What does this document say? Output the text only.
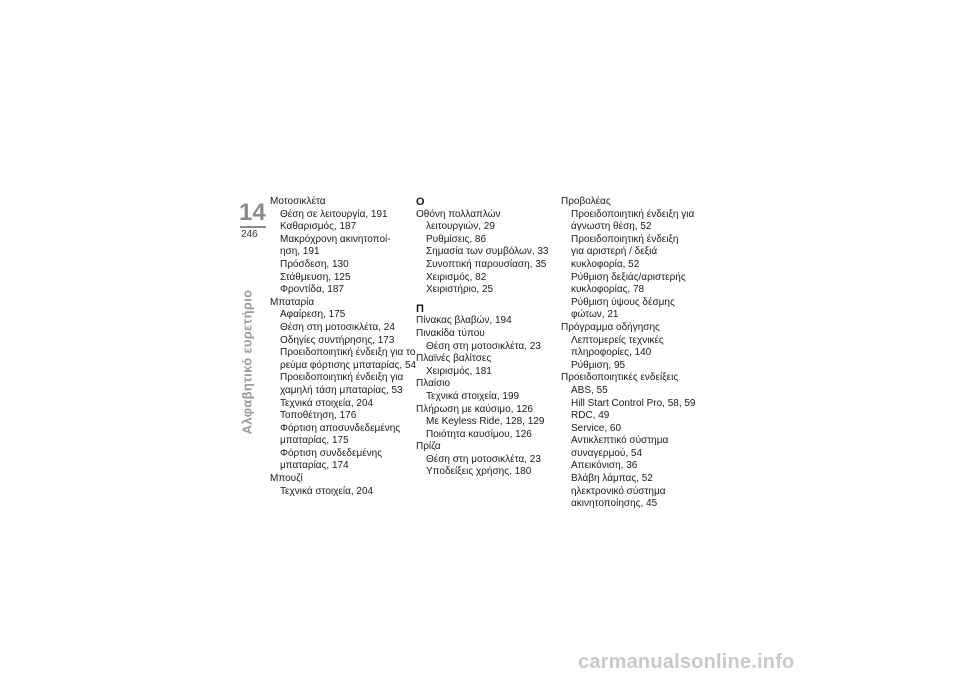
14
246
Αλφαβητικό ευρετήριο
Μοτοσικλέτα
Θέση σε λειτουργία, 191
Καθαρισμός, 187
Μακρόχρονη ακινητοποί-
ηση, 191
Πρόσδεση, 130
Στάθμευση, 125
Φροντίδα, 187
Μπαταρία
Αφαίρεση, 175
Θέση στη μοτοσικλέτα, 24
Οδηγίες συντήρησης, 173
Προειδοποιητική ένδειξη για το
ρεύμα φόρτισης μπαταρίας, 54
Προειδοποιητική ένδειξη για
χαμηλή τάση μπαταρίας, 53
Τεχνικά στοιχεία, 204
Τοποθέτηση, 176
Φόρτιση αποσυνδεδεμένης
μπαταρίας, 175
Φόρτιση συνδεδεμένης
μπαταρίας, 174
Μπουζί
Τεχνικά στοιχεία, 204
Ο
Οθόνη πολλαπλών
λειτουργιών, 29
Ρυθμίσεις, 86
Σημασία των συμβόλων, 33
Συνοπτική παρουσίαση, 35
Χειρισμός, 82
Χειριστήριο, 25
Π
Πίνακας βλαβών, 194
Πινακίδα τύπου
Θέση στη μοτοσικλέτα, 23
Πλαϊνές βαλίτσες
Χειρισμός, 181
Πλαίσιο
Τεχνικά στοιχεία, 199
Πλήρωση με καύσιμο, 126
Με Keyless Ride, 128, 129
Ποιότητα καυσίμου, 126
Πρίζα
Θέση στη μοτοσικλέτα, 23
Υποδείξεις χρήσης, 180
Προβολέας
Προειδοποιητική ένδειξη για
άγνωστη θέση, 52
Προειδοποιητική ένδειξη
για αριστερή / δεξιά
κυκλοφορία, 52
Ρύθμιση δεξιάς/αριστερής
κυκλοφορίας, 78
Ρύθμιση ύψους δέσμης
φώτων, 21
Πρόγραμμα οδήγησης
Λεπτομερείς τεχνικές
πληροφορίες, 140
Ρύθμιση, 95
Προειδοποιητικές ενδείξεις
ABS, 55
Hill Start Control Pro, 58, 59
RDC, 49
Service, 60
Αντικλεπτικό σύστημα
συναγερμού, 54
Απεικόνιση, 36
Βλάβη λάμπας, 52
ηλεκτρονικό σύστημα
ακινητοποίησης, 45
carmanualsonline.info
